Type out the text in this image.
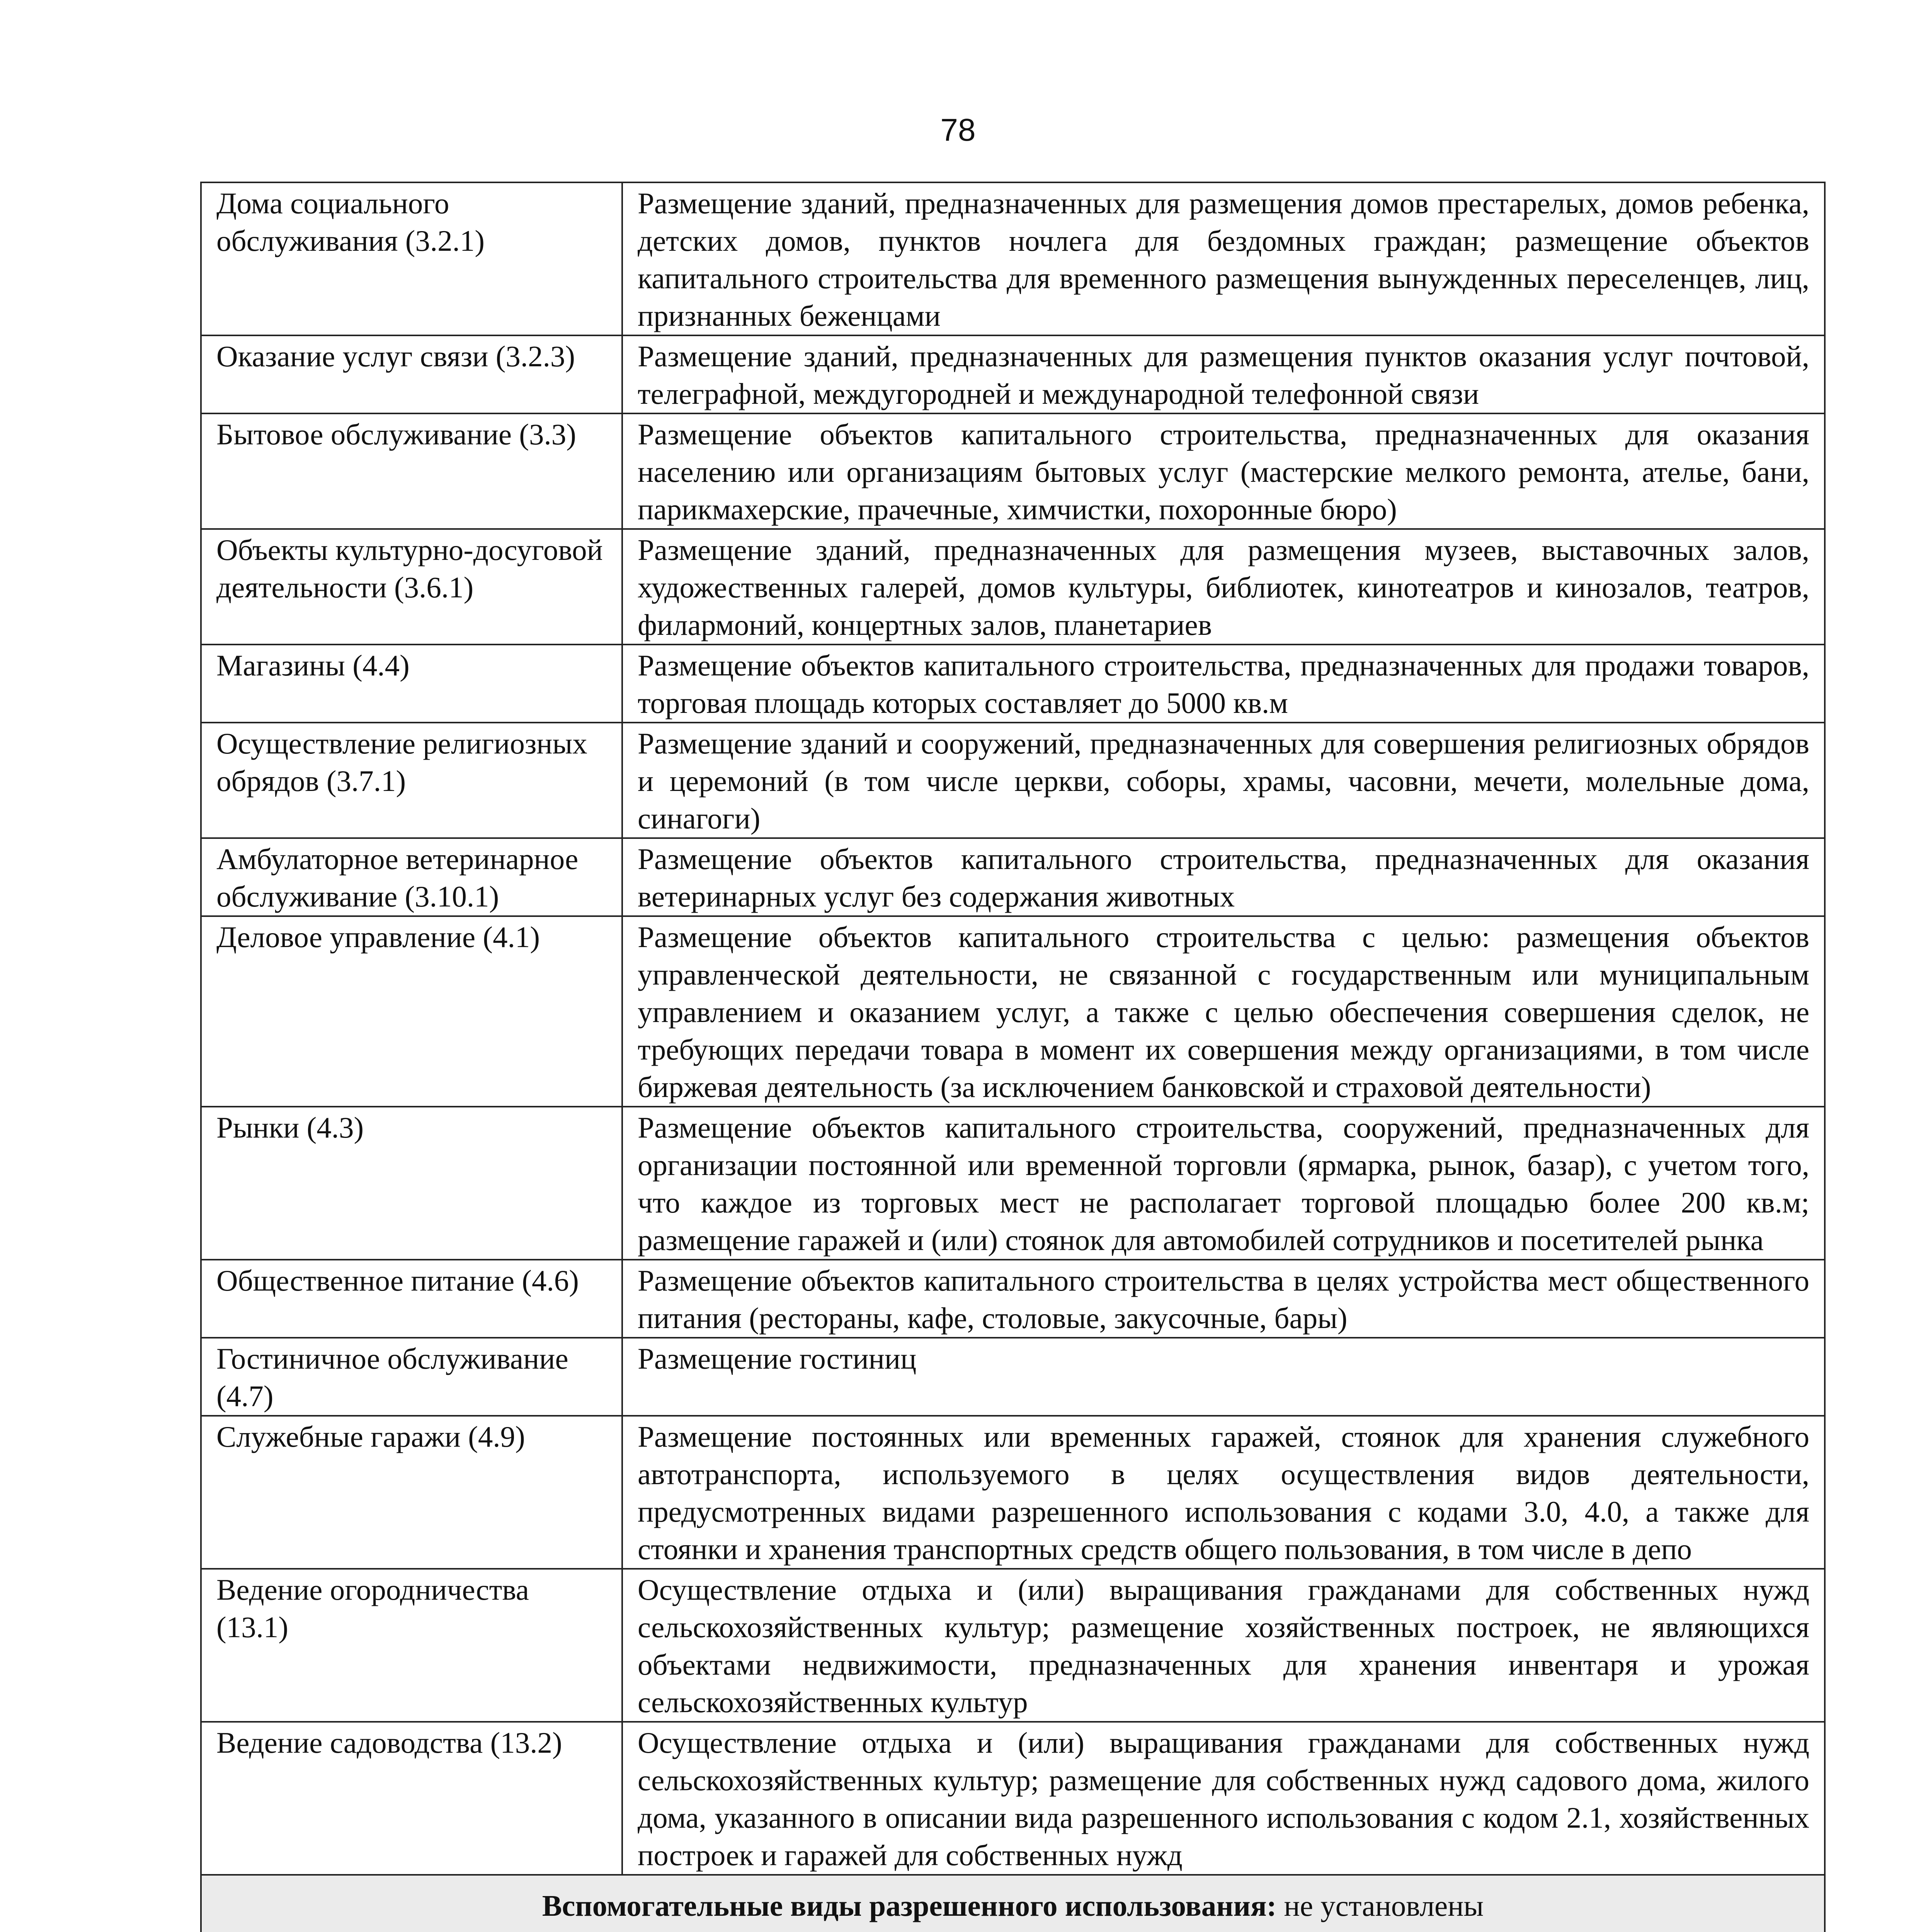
78
Дома социального обслуживания (3.2.1)	Размещение зданий, предназначенных для размещения домов престарелых, домов ребенка, детских домов, пунктов ночлега для бездомных граждан; размещение объектов капитального строительства для временного размещения вынужденных переселенцев, лиц, признанных беженцами
Оказание услуг связи (3.2.3)	Размещение зданий, предназначенных для размещения пунктов оказания услуг почтовой, телеграфной, междугородней и международной телефонной связи
Бытовое обслуживание (3.3)	Размещение объектов капитального строительства, предназначенных для оказания населению или организациям бытовых услуг (мастерские мелкого ремонта, ателье, бани, парикмахерские, прачечные, химчистки, похоронные бюро)
Объекты культурно-досуговой деятельности (3.6.1)	Размещение зданий, предназначенных для размещения музеев, выставочных залов, художественных галерей, домов культуры, библиотек, кинотеатров и кинозалов, театров, филармоний, концертных залов, планетариев
Магазины (4.4)	Размещение объектов капитального строительства, предназначенных для продажи товаров, торговая площадь которых составляет до 5000 кв.м
Осуществление религиозных обрядов (3.7.1)	Размещение зданий и сооружений, предназначенных для совершения религиозных обрядов и церемоний (в том числе церкви, соборы, храмы, часовни, мечети, молельные дома, синагоги)
Амбулаторное ветеринарное обслуживание (3.10.1)	Размещение объектов капитального строительства, предназначенных для оказания ветеринарных услуг без содержания животных
Деловое управление (4.1)	Размещение объектов капитального строительства с целью: размещения объектов управленческой деятельности, не связанной с государственным или муниципальным управлением и оказанием услуг, а также с целью обеспечения совершения сделок, не требующих передачи товара в момент их совершения между организациями, в том числе биржевая деятельность (за исключением банковской и страховой деятельности)
Рынки (4.3)	Размещение объектов капитального строительства, сооружений, предназначенных для организации постоянной или временной торговли (ярмарка, рынок, базар), с учетом того, что каждое из торговых мест не располагает торговой площадью более 200 кв.м; размещение гаражей и (или) стоянок для автомобилей сотрудников и посетителей рынка
Общественное питание (4.6)	Размещение объектов капитального строительства в целях устройства мест общественного питания (рестораны, кафе, столовые, закусочные, бары)
Гостиничное обслуживание (4.7)	Размещение гостиниц
Служебные гаражи (4.9)	Размещение постоянных или временных гаражей, стоянок для хранения служебного автотранспорта, используемого в целях осуществления видов деятельности, предусмотренных видами разрешенного использования с кодами 3.0, 4.0, а также для стоянки и хранения транспортных средств общего пользования, в том числе в депо
Ведение огородничества (13.1)	Осуществление отдыха и (или) выращивания гражданами для собственных нужд сельскохозяйственных культур; размещение хозяйственных построек, не являющихся объектами недвижимости, предназначенных для хранения инвентаря и урожая сельскохозяйственных культур
Ведение садоводства (13.2)	Осуществление отдыха и (или) выращивания гражданами для собственных нужд сельскохозяйственных культур; размещение для собственных нужд садового дома, жилого дома, указанного в описании вида разрешенного использования с кодом 2.1, хозяйственных построек и гаражей для собственных нужд
Вспомогательные виды разрешенного использования: не установлены	
